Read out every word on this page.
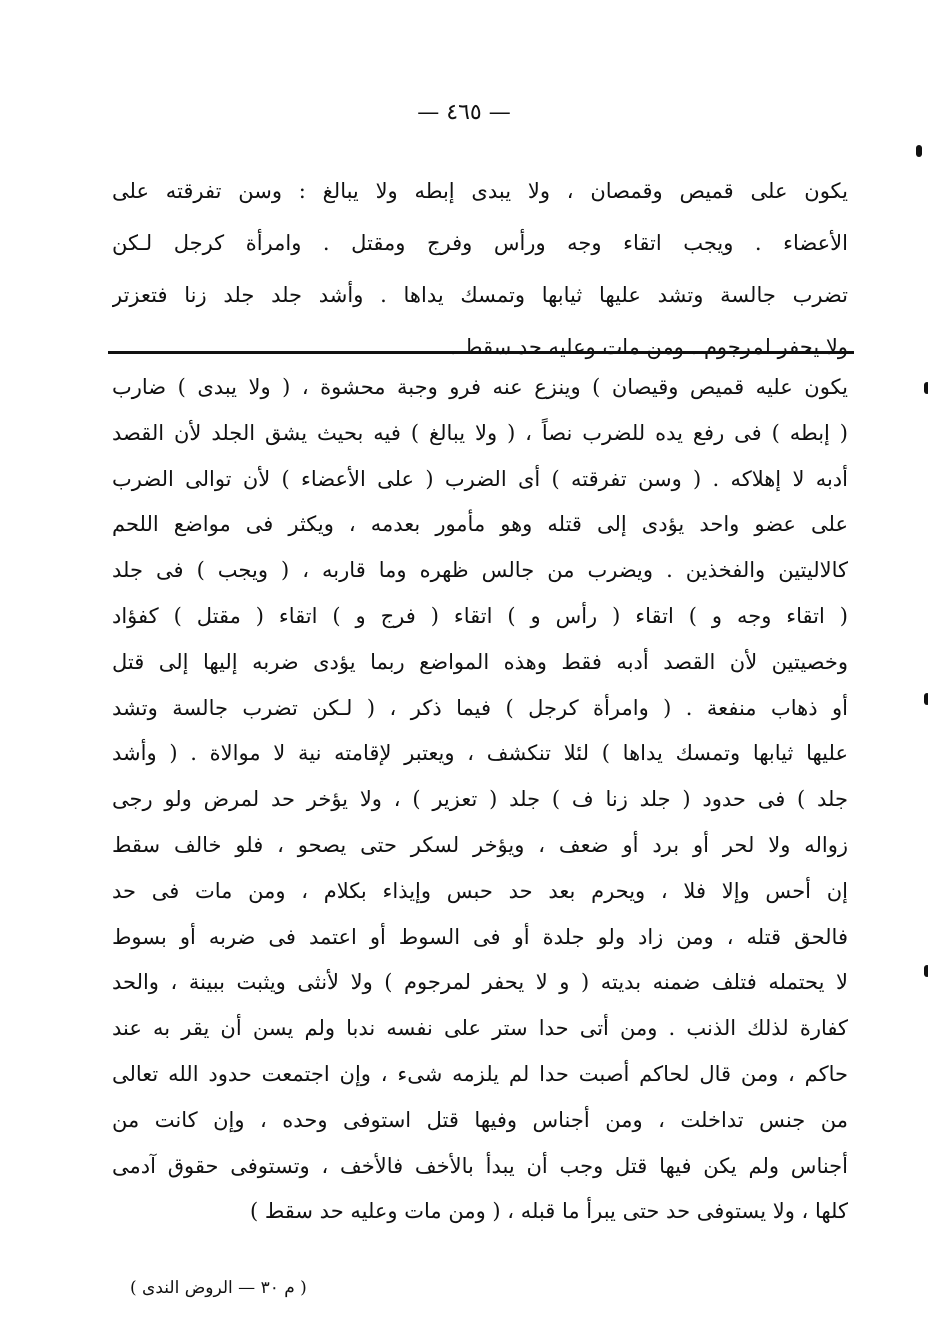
— ٤٦٥ —

يكون على قميص وقمصان ، ولا يبدى إبطه ولا يبالغ : وسن تفرقته على

الأعضاء . ويجب اتقاء وجه ورأس وفرج ومقتل . وامرأة كرجل لـكن

تضرب جالسة وتشد عليها ثيابها وتمسك يداها . وأشد جلد جلد زنا فتعزتر

ولا يحفر لمرجوم . ومن مات وعليه حد سقط .

يكون عليه قميص وقيصان ) وينزع عنه فرو وجبة محشوة ، ( ولا يبدى ) ضارب

( إبطه ) فى رفع يده للضرب نصاً ، ( ولا يبالغ ) فيه بحيث يشق الجلد لأن القصد

أدبه لا إهلاكه . ( وسن تفرقته ) أى الضرب ( على الأعضاء ) لأن توالى الضرب

على عضو واحد يؤدى إلى قتله وهو مأمور بعدمه ، ويكثر فى مواضع اللحم

كالاليتين والفخذين . ويضرب من جالس ظهره وما قاربه ، ( ويجب ) فى جلد

( اتقاء وجه و ) اتقاء ( رأس و ) اتقاء ( فرج و ) اتقاء ( مقتل ) كفؤاد

وخصيتين لأن القصد أدبه فقط وهذه المواضع ربما يؤدى ضربه إليها إلى قتل

أو ذهاب منفعة . ( وامرأة كرجل ) فيما ذكر ، ( لـكن تضرب جالسة وتشد

عليها ثيابها وتمسك يداها ) لئلا تنكشف ، ويعتبر لإقامته نية لا موالاة . ( وأشد

جلد ) فى حدود ( جلد زنا ف ) جلد ( تعزير ) ، ولا يؤخر حد لمرض ولو رجى

زواله ولا لحر أو برد أو ضعف ، ويؤخر لسكر حتى يصحو ، فلو خالف سقط

إن أحس وإلا فلا ، ويحرم بعد حد حبس وإيذاء بكلام ، ومن مات فى حد

فالحق قتله ، ومن زاد ولو جلدة أو فى السوط أو اعتمد فى ضربه أو بسوط

لا يحتمله فتلف ضمنه بديته ( و لا يحفر لمرجوم ) ولا لأنثى ويثبت ببينة ، والحد

كفارة لذلك الذنب . ومن أتى حدا ستر على نفسه ندبا ولم يسن أن يقر به عند

حاكم ، ومن قال لحاكم أصبت حدا لم يلزمه شىء ، وإن اجتمعت حدود الله تعالى

من جنس تداخلت ، ومن أجناس وفيها قتل استوفى وحده ، وإن كانت من

أجناس ولم يكن فيها قتل وجب أن يبدأ بالأخف فالأخف ، وتستوفى حقوق آدمى

كلها ، ولا يستوفى حد حتى يبرأ ما قبله ، ( ومن مات وعليه حد سقط )

( م ٣٠ — الروض الندى )
